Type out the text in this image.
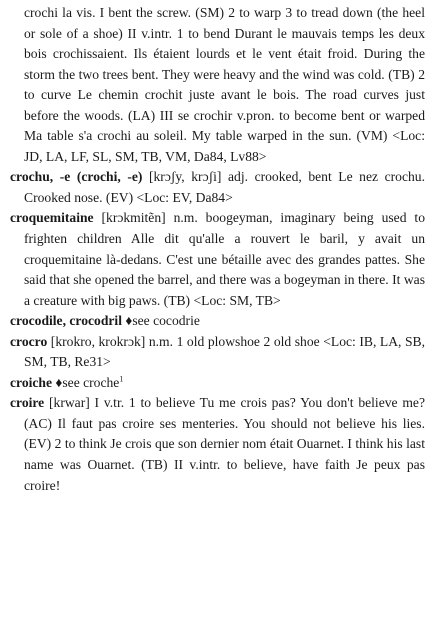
crochi la vis. I bent the screw. (SM) 2 to warp 3 to tread down (the heel or sole of a shoe) II v.intr. 1 to bend Durant le mauvais temps les deux bois crochissaient. Ils étaient lourds et le vent était froid. During the storm the two trees bent. They were heavy and the wind was cold. (TB) 2 to curve Le chemin crochit juste avant le bois. The road curves just before the woods. (LA) III se crochir v.pron. to become bent or warped Ma table s'a crochi au soleil. My table warped in the sun. (VM) <Loc: JD, LA, LF, SL, SM, TB, VM, Da84, Lv88>

crochu, -e (crochi, -e) [krɔʃy, krɔʃi] adj. crooked, bent Le nez crochu. Crooked nose. (EV) <Loc: EV, Da84>

croquemitaine [krɔkmitẽn] n.m. boogeyman, imaginary being used to frighten children Alle dit qu'alle a rouvert le baril, y avait un croquemitaine là-dedans. C'est une bétaille avec des grandes pattes. She said that she opened the barrel, and there was a bogeyman in there. It was a creature with big paws. (TB) <Loc: SM, TB>

crocodile, crocodril ♦see cocodrie

crocro [krokro, krokrɔk] n.m. 1 old plowshoe 2 old shoe <Loc: IB, LA, SB, SM, TB, Re31>

croiche ♦see croche$^1$

croire [krwar] I v.tr. 1 to believe Tu me crois pas? You don't believe me? (AC) Il faut pas croire ses menteries. You should not believe his lies. (EV) 2 to think Je crois que son dernier nom était Ouarnet. I think his last name was Ouarnet. (TB) II v.intr. to believe, have faith Je peux pas croire!
